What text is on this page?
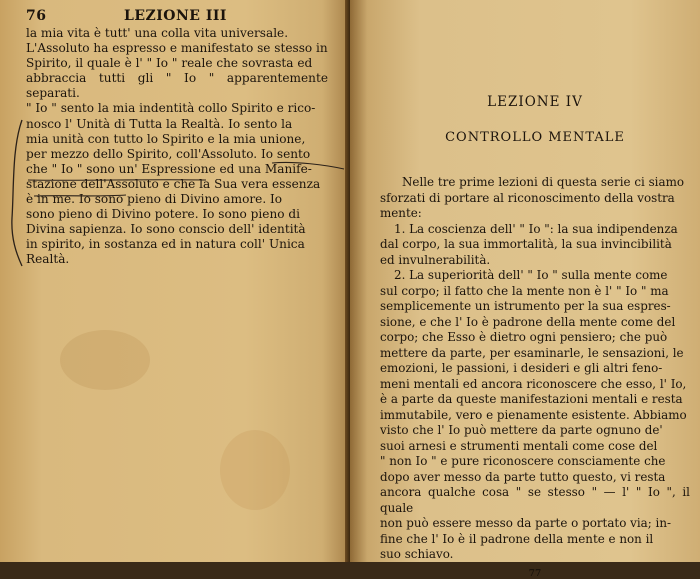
76	LEZIONE III

la mia vita è tutt' una colla vita universale.

L'Assoluto ha espresso e manifestato se stesso in

Spirito, il quale è l' " Io " reale che sovrasta ed

abbraccia tutti gli " Io " apparentemente separati.

" Io " sento la mia indentità collo Spirito e rico-

nosco l' Unità di Tutta la Realtà. Io sento la

mia unità con tutto lo Spirito e la mia unione,

per mezzo dello Spirito, coll'Assoluto. Io sento

che " Io " sono un' Espressione ed una Manife-

stazione dell'Assoluto e che la Sua vera essenza

è in me. Io sono pieno di Divino amore. Io

sono pieno di Divino potere. Io sono pieno di

Divina sapienza. Io sono conscio dell' identità

in spirito, in sostanza ed in natura coll' Unica

Realtà.

LEZIONE IV
CONTROLLO MENTALE

Nelle tre prime lezioni di questa serie ci siamo

sforzati di portare al riconoscimento della vostra

mente:

1. La coscienza dell' " Io ": la sua indipendenza

dal corpo, la sua immortalità, la sua invincibilità

ed invulnerabilità.

2. La superiorità dell' " Io " sulla mente come

sul corpo; il fatto che la mente non è l' " Io " ma

semplicemente un istrumento per la sua espres-

sione, e che l' Io è padrone della mente come del

corpo; che Esso è dietro ogni pensiero; che può

mettere da parte, per esaminarle, le sensazioni, le

emozioni, le passioni, i desideri e gli altri feno-

meni mentali ed ancora riconoscere che esso, l' Io,

è a parte da queste manifestazioni mentali e resta

immutabile, vero e pienamente esistente. Abbiamo

visto che l' Io può mettere da parte ognuno de'

suoi arnesi e strumenti mentali come cose del

" non Io " e pure riconoscere consciamente che

dopo aver messo da parte tutto questo, vi resta

ancora qualche cosa " se stesso " — l' " Io ", il quale

non può essere messo da parte o portato via; in-

fine che l' Io è il padrone della mente e non il

suo schiavo.

77
